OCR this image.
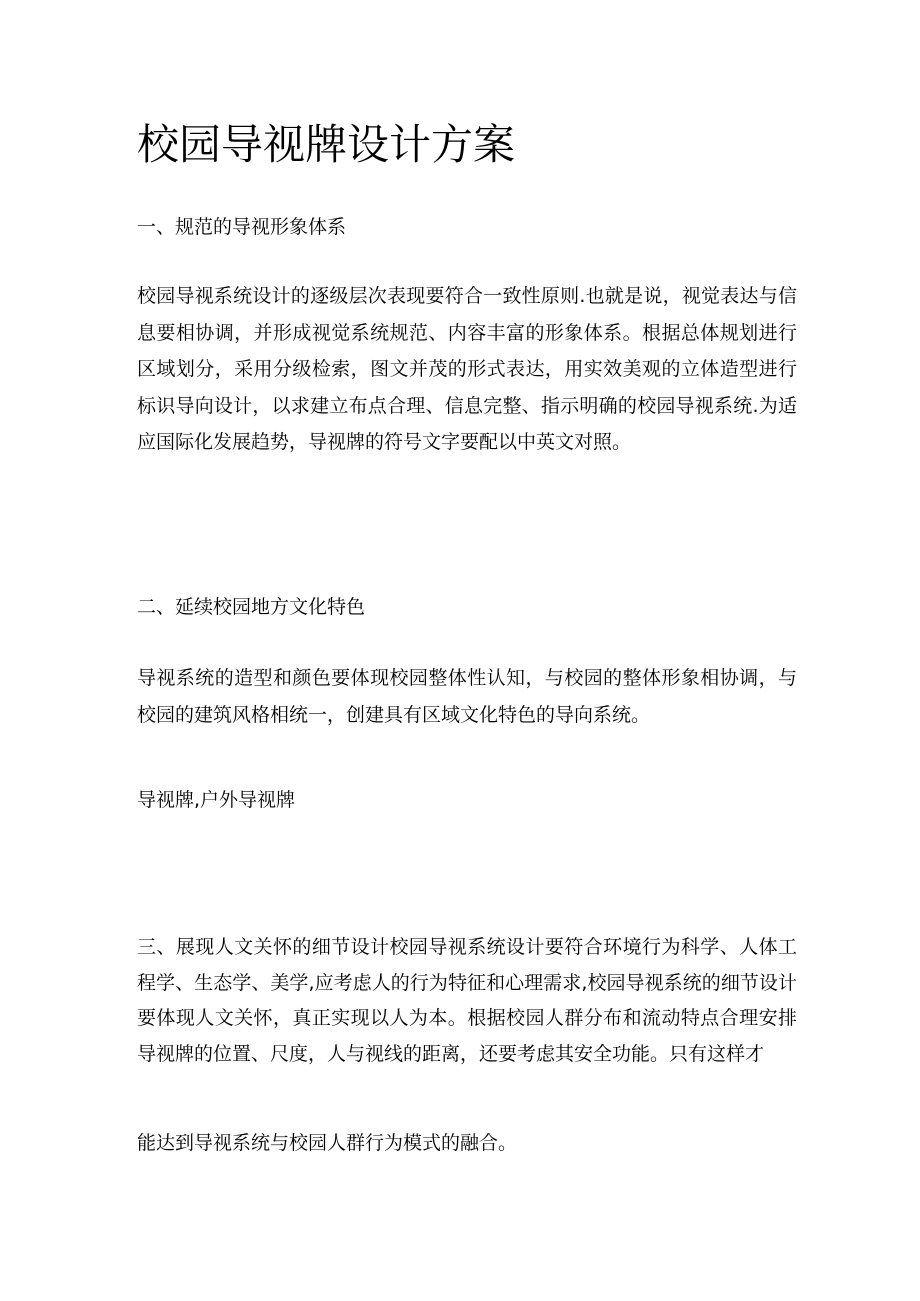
校园导视牌设计方案
一、规范的导视形象体系

校园导视系统设计的逐级层次表现要符合一致性原则.也就是说，视觉表达与信息要相协调，并形成视觉系统规范、内容丰富的形象体系。根据总体规划进行区域划分，采用分级检索，图文并茂的形式表达，用实效美观的立体造型进行标识导向设计，以求建立布点合理、信息完整、指示明确的校园导视系统.为适应国际化发展趋势，导视牌的符号文字要配以中英文对照。

二、延续校园地方文化特色

导视系统的造型和颜色要体现校园整体性认知，与校园的整体形象相协调，与校园的建筑风格相统一，创建具有区域文化特色的导向系统。

导视牌,户外导视牌

三、展现人文关怀的细节设计校园导视系统设计要符合环境行为科学、人体工程学、生态学、美学,应考虑人的行为特征和心理需求,校园导视系统的细节设计要体现人文关怀，真正实现以人为本。根据校园人群分布和流动特点合理安排导视牌的位置、尺度，人与视线的距离，还要考虑其安全功能。只有这样才

能达到导视系统与校园人群行为模式的融合。
